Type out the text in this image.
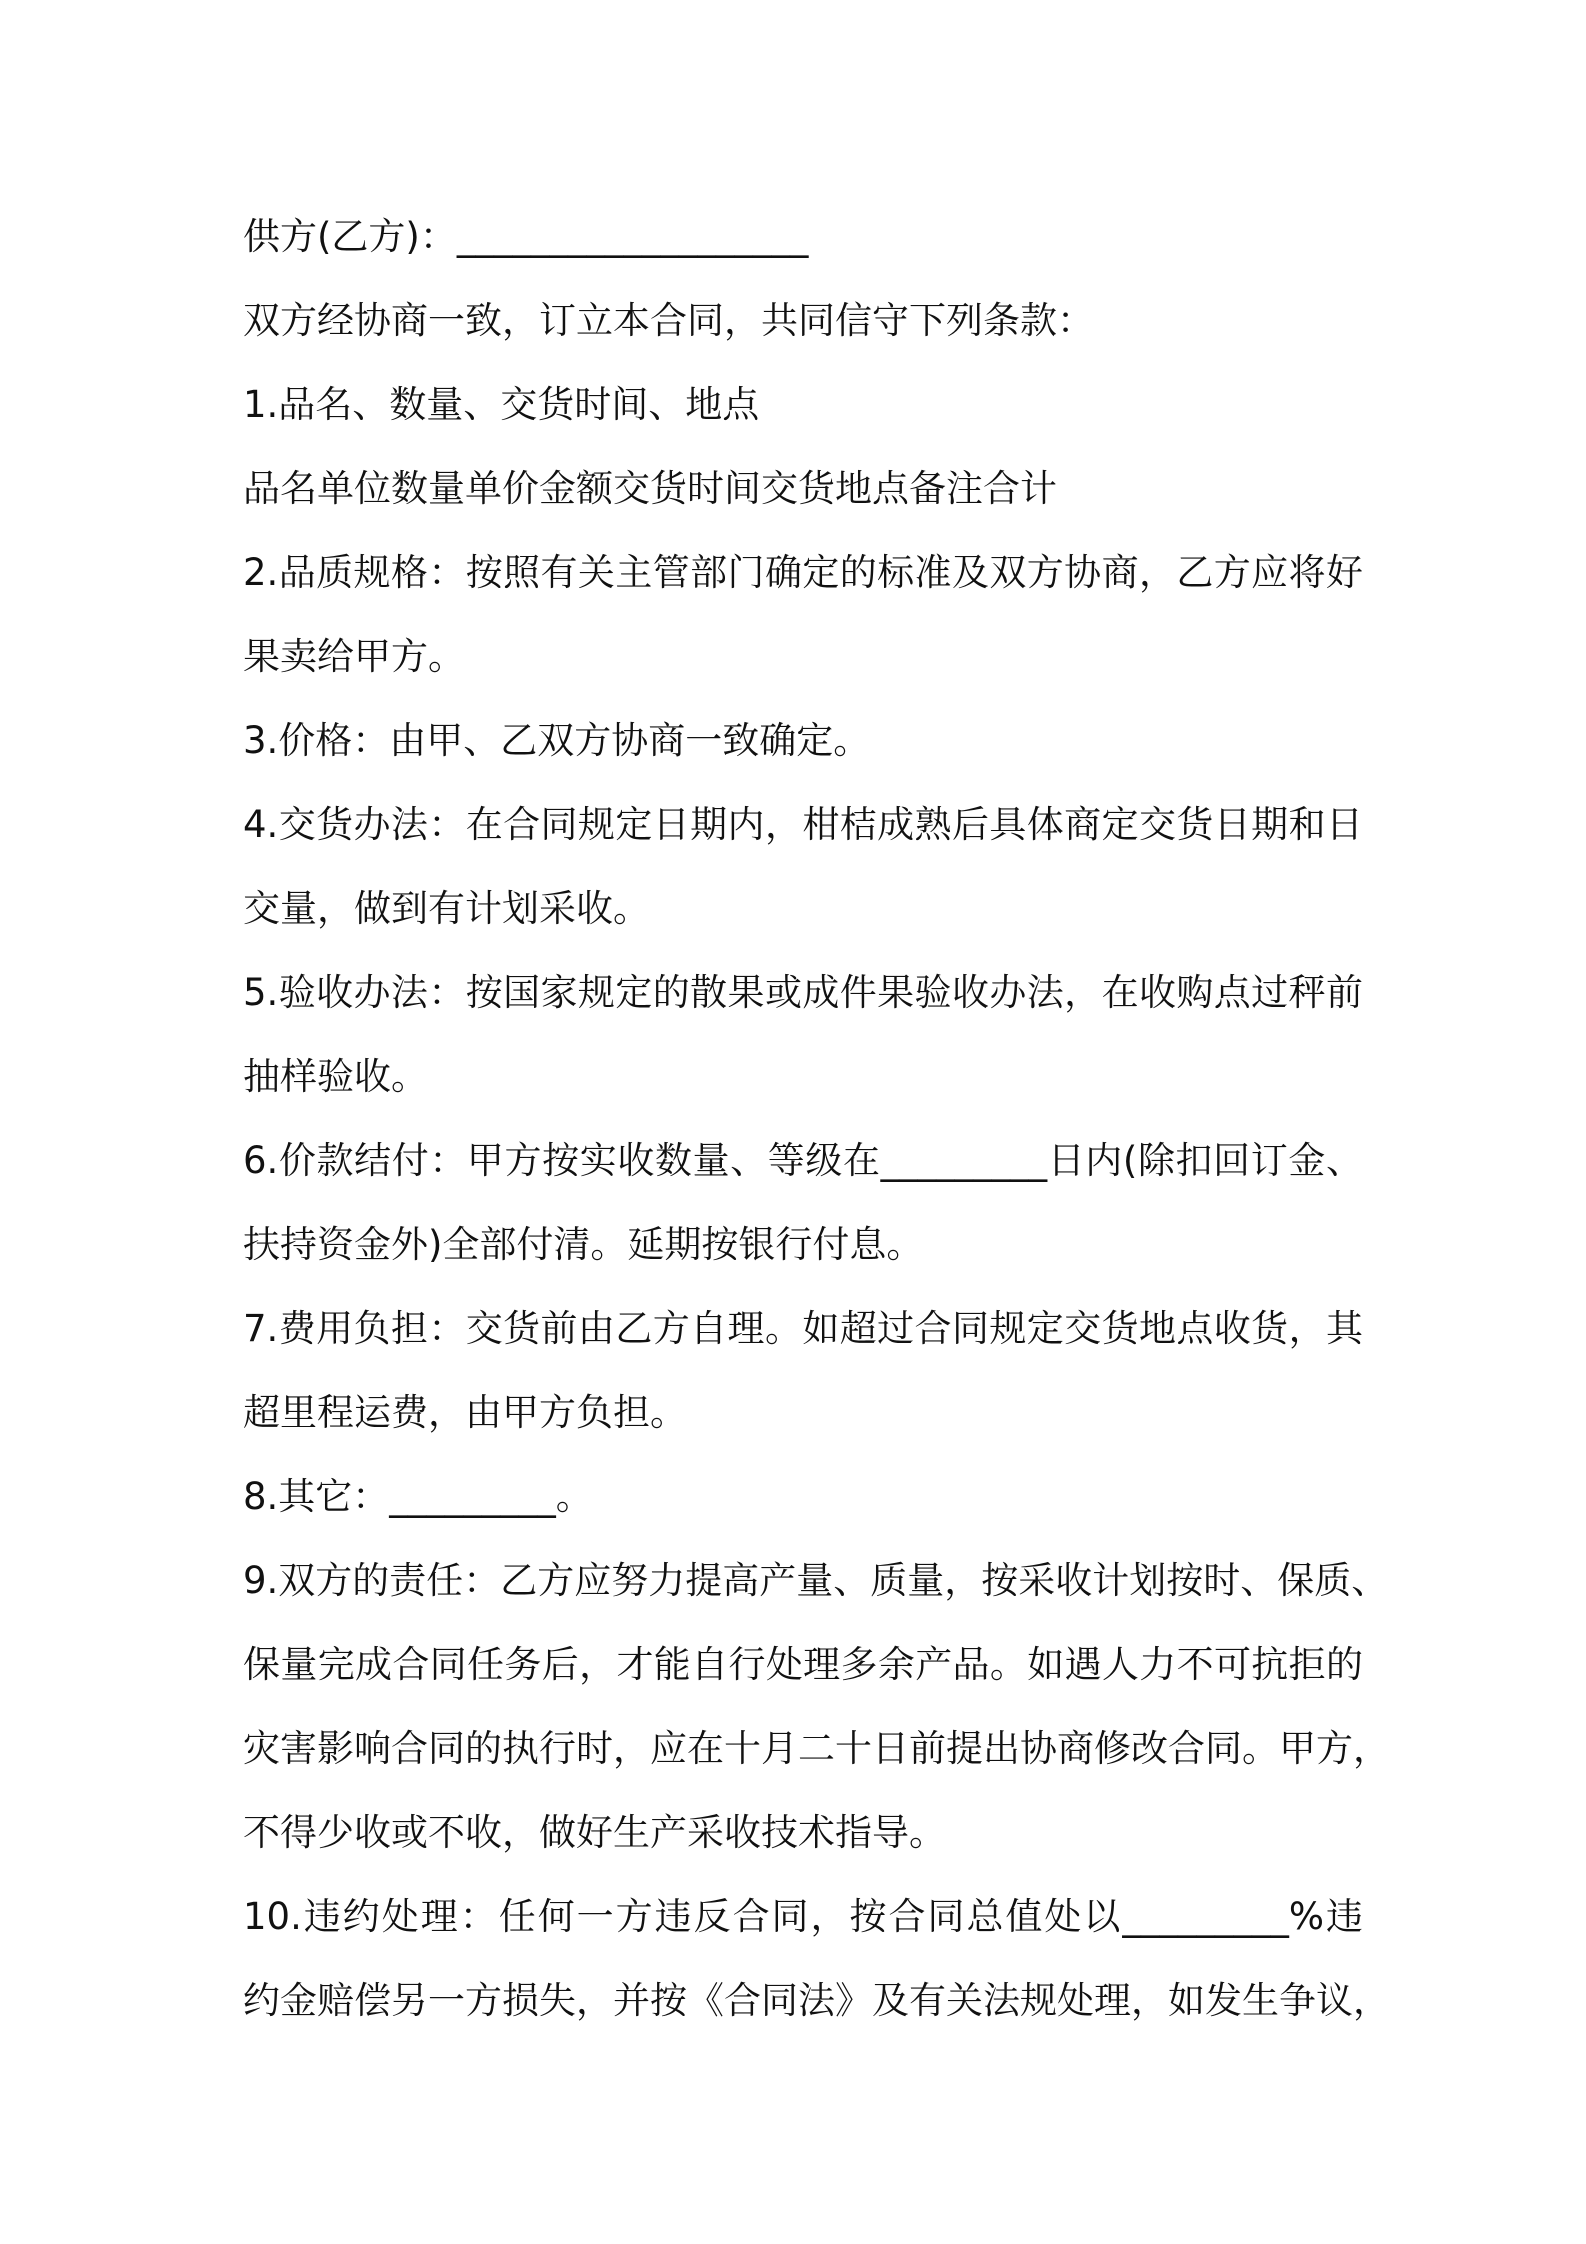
供方(乙方)：___________________
双方经协商一致，订立本合同，共同信守下列条款：
1.品名、数量、交货时间、地点
品名单位数量单价金额交货时间交货地点备注合计
2.品质规格：按照有关主管部门确定的标准及双方协商，乙方应将好
果卖给甲方。
3.价格：由甲、乙双方协商一致确定。
4.交货办法：在合同规定日期内，柑桔成熟后具体商定交货日期和日
交量，做到有计划采收。
5.验收办法：按国家规定的散果或成件果验收办法，在收购点过秤前
抽样验收。
6.价款结付：甲方按实收数量、等级在_________日内(除扣回订金、
扶持资金外)全部付清。延期按银行付息。
7.费用负担：交货前由乙方自理。如超过合同规定交货地点收货，其
超里程运费，由甲方负担。
8.其它：_________。
9.双方的责任：乙方应努力提高产量、质量，按采收计划按时、保质、
保量完成合同任务后，才能自行处理多余产品。如遇人力不可抗拒的
灾害影响合同的执行时，应在十月二十日前提出协商修改合同。甲方，
不得少收或不收，做好生产采收技术指导。
10.违约处理：任何一方违反合同，按合同总值处以_________%违
约金赔偿另一方损失，并按《合同法》及有关法规处理，如发生争议，
